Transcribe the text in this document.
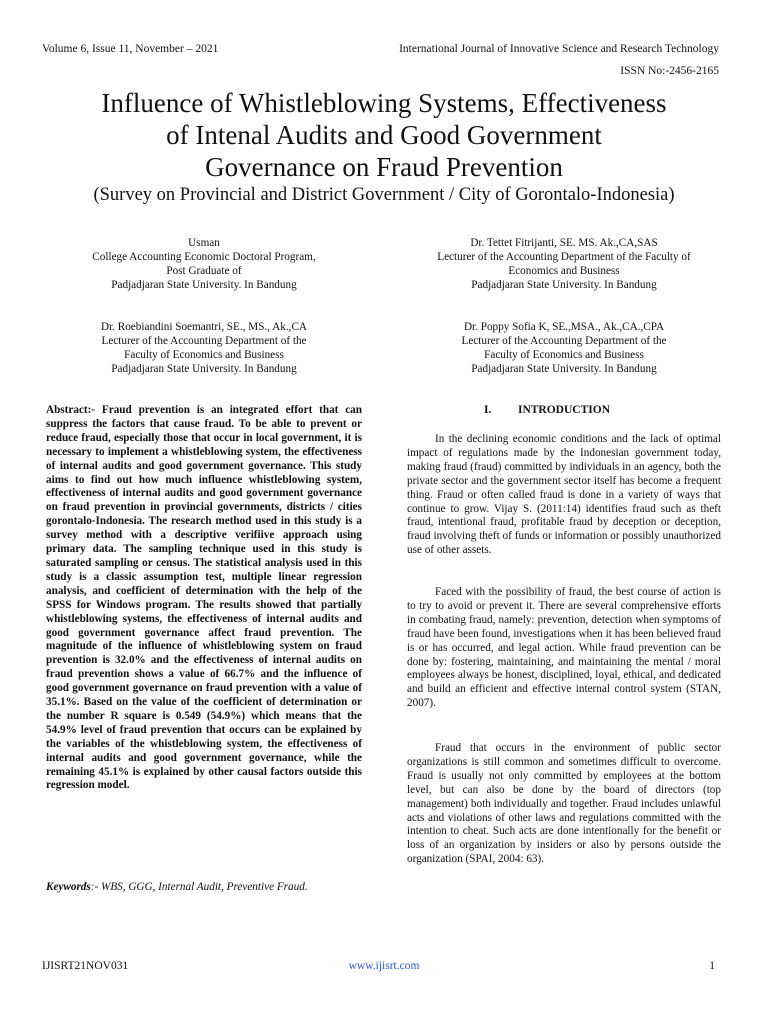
Volume 6, Issue 11, November – 2021	International Journal of Innovative Science and Research Technology
ISSN No:-2456-2165
Influence of Whistleblowing Systems, Effectiveness
of Intenal Audits and Good Government
Governance on Fraud Prevention
(Survey on Provincial and District Government / City of Gorontalo-Indonesia)
Usman
College Accounting Economic Doctoral Program,
Post Graduate of
Padjadjaran State University. In Bandung
Dr. Tettet Fitrijanti, SE. MS. Ak.,CA,SAS
Lecturer of the Accounting Department of the Faculty of
Economics and Business
Padjadjaran State University. In Bandung
Dr. Roebiandini Soemantri, SE., MS., Ak.,CA
Lecturer of the Accounting Department of the
Faculty of Economics and Business
Padjadjaran State University. In Bandung
Dr. Poppy Sofia K, SE.,MSA., Ak.,CA.,CPA
Lecturer of the Accounting Department of the
Faculty of Economics and Business
Padjadjaran State University. In Bandung
Abstract:- Fraud prevention is an integrated effort that can suppress the factors that cause fraud. To be able to prevent or reduce fraud, especially those that occur in local government, it is necessary to implement a whistleblowing system, the effectiveness of internal audits and good government governance. This study aims to find out how much influence whistleblowing system, effectiveness of internal audits and good government governance on fraud prevention in provincial governments, districts / cities gorontalo-Indonesia. The research method used in this study is a survey method with a descriptive verifiive approach using primary data. The sampling technique used in this study is saturated sampling or census. The statistical analysis used in this study is a classic assumption test, multiple linear regression analysis, and coefficient of determination with the help of the SPSS for Windows program. The results showed that partially whistleblowing systems, the effectiveness of internal audits and good government governance affect fraud prevention. The magnitude of the influence of whistleblowing system on fraud prevention is 32.0% and the effectiveness of internal audits on fraud prevention shows a value of 66.7% and the influence of good government governance on fraud prevention with a value of 35.1%. Based on the value of the coefficient of determination or the number R square is 0.549 (54.9%) which means that the 54.9% level of fraud prevention that occurs can be explained by the variables of the whistleblowing system, the effectiveness of internal audits and good government governance, while the remaining 45.1% is explained by other causal factors outside this regression model.
Keywords:- WBS, GGG, Internal Audit, Preventive Fraud.
I. INTRODUCTION
In the declining economic conditions and the lack of optimal impact of regulations made by the Indonesian government today, making fraud (fraud) committed by individuals in an agency, both the private sector and the government sector itself has become a frequent thing. Fraud or often called fraud is done in a variety of ways that continue to grow. Vijay S. (2011:14) identifies fraud such as theft fraud, intentional fraud, profitable fraud by deception or deception, fraud involving theft of funds or information or possibly unauthorized use of other assets.
Faced with the possibility of fraud, the best course of action is to try to avoid or prevent it. There are several comprehensive efforts in combating fraud, namely: prevention, detection when symptoms of fraud have been found, investigations when it has been believed fraud is or has occurred, and legal action. While fraud prevention can be done by: fostering, maintaining, and maintaining the mental / moral employees always be honest, disciplined, loyal, ethical, and dedicated and build an efficient and effective internal control system (STAN, 2007).
Fraud that occurs in the environment of public sector organizations is still common and sometimes difficult to overcome. Fraud is usually not only committed by employees at the bottom level, but can also be done by the board of directors (top management) both individually and together. Fraud includes unlawful acts and violations of other laws and regulations committed with the intention to cheat. Such acts are done intentionally for the benefit or loss of an organization by insiders or also by persons outside the organization (SPAI, 2004: 63).
IJISRT21NOV031	www.ijisrt.com	1
